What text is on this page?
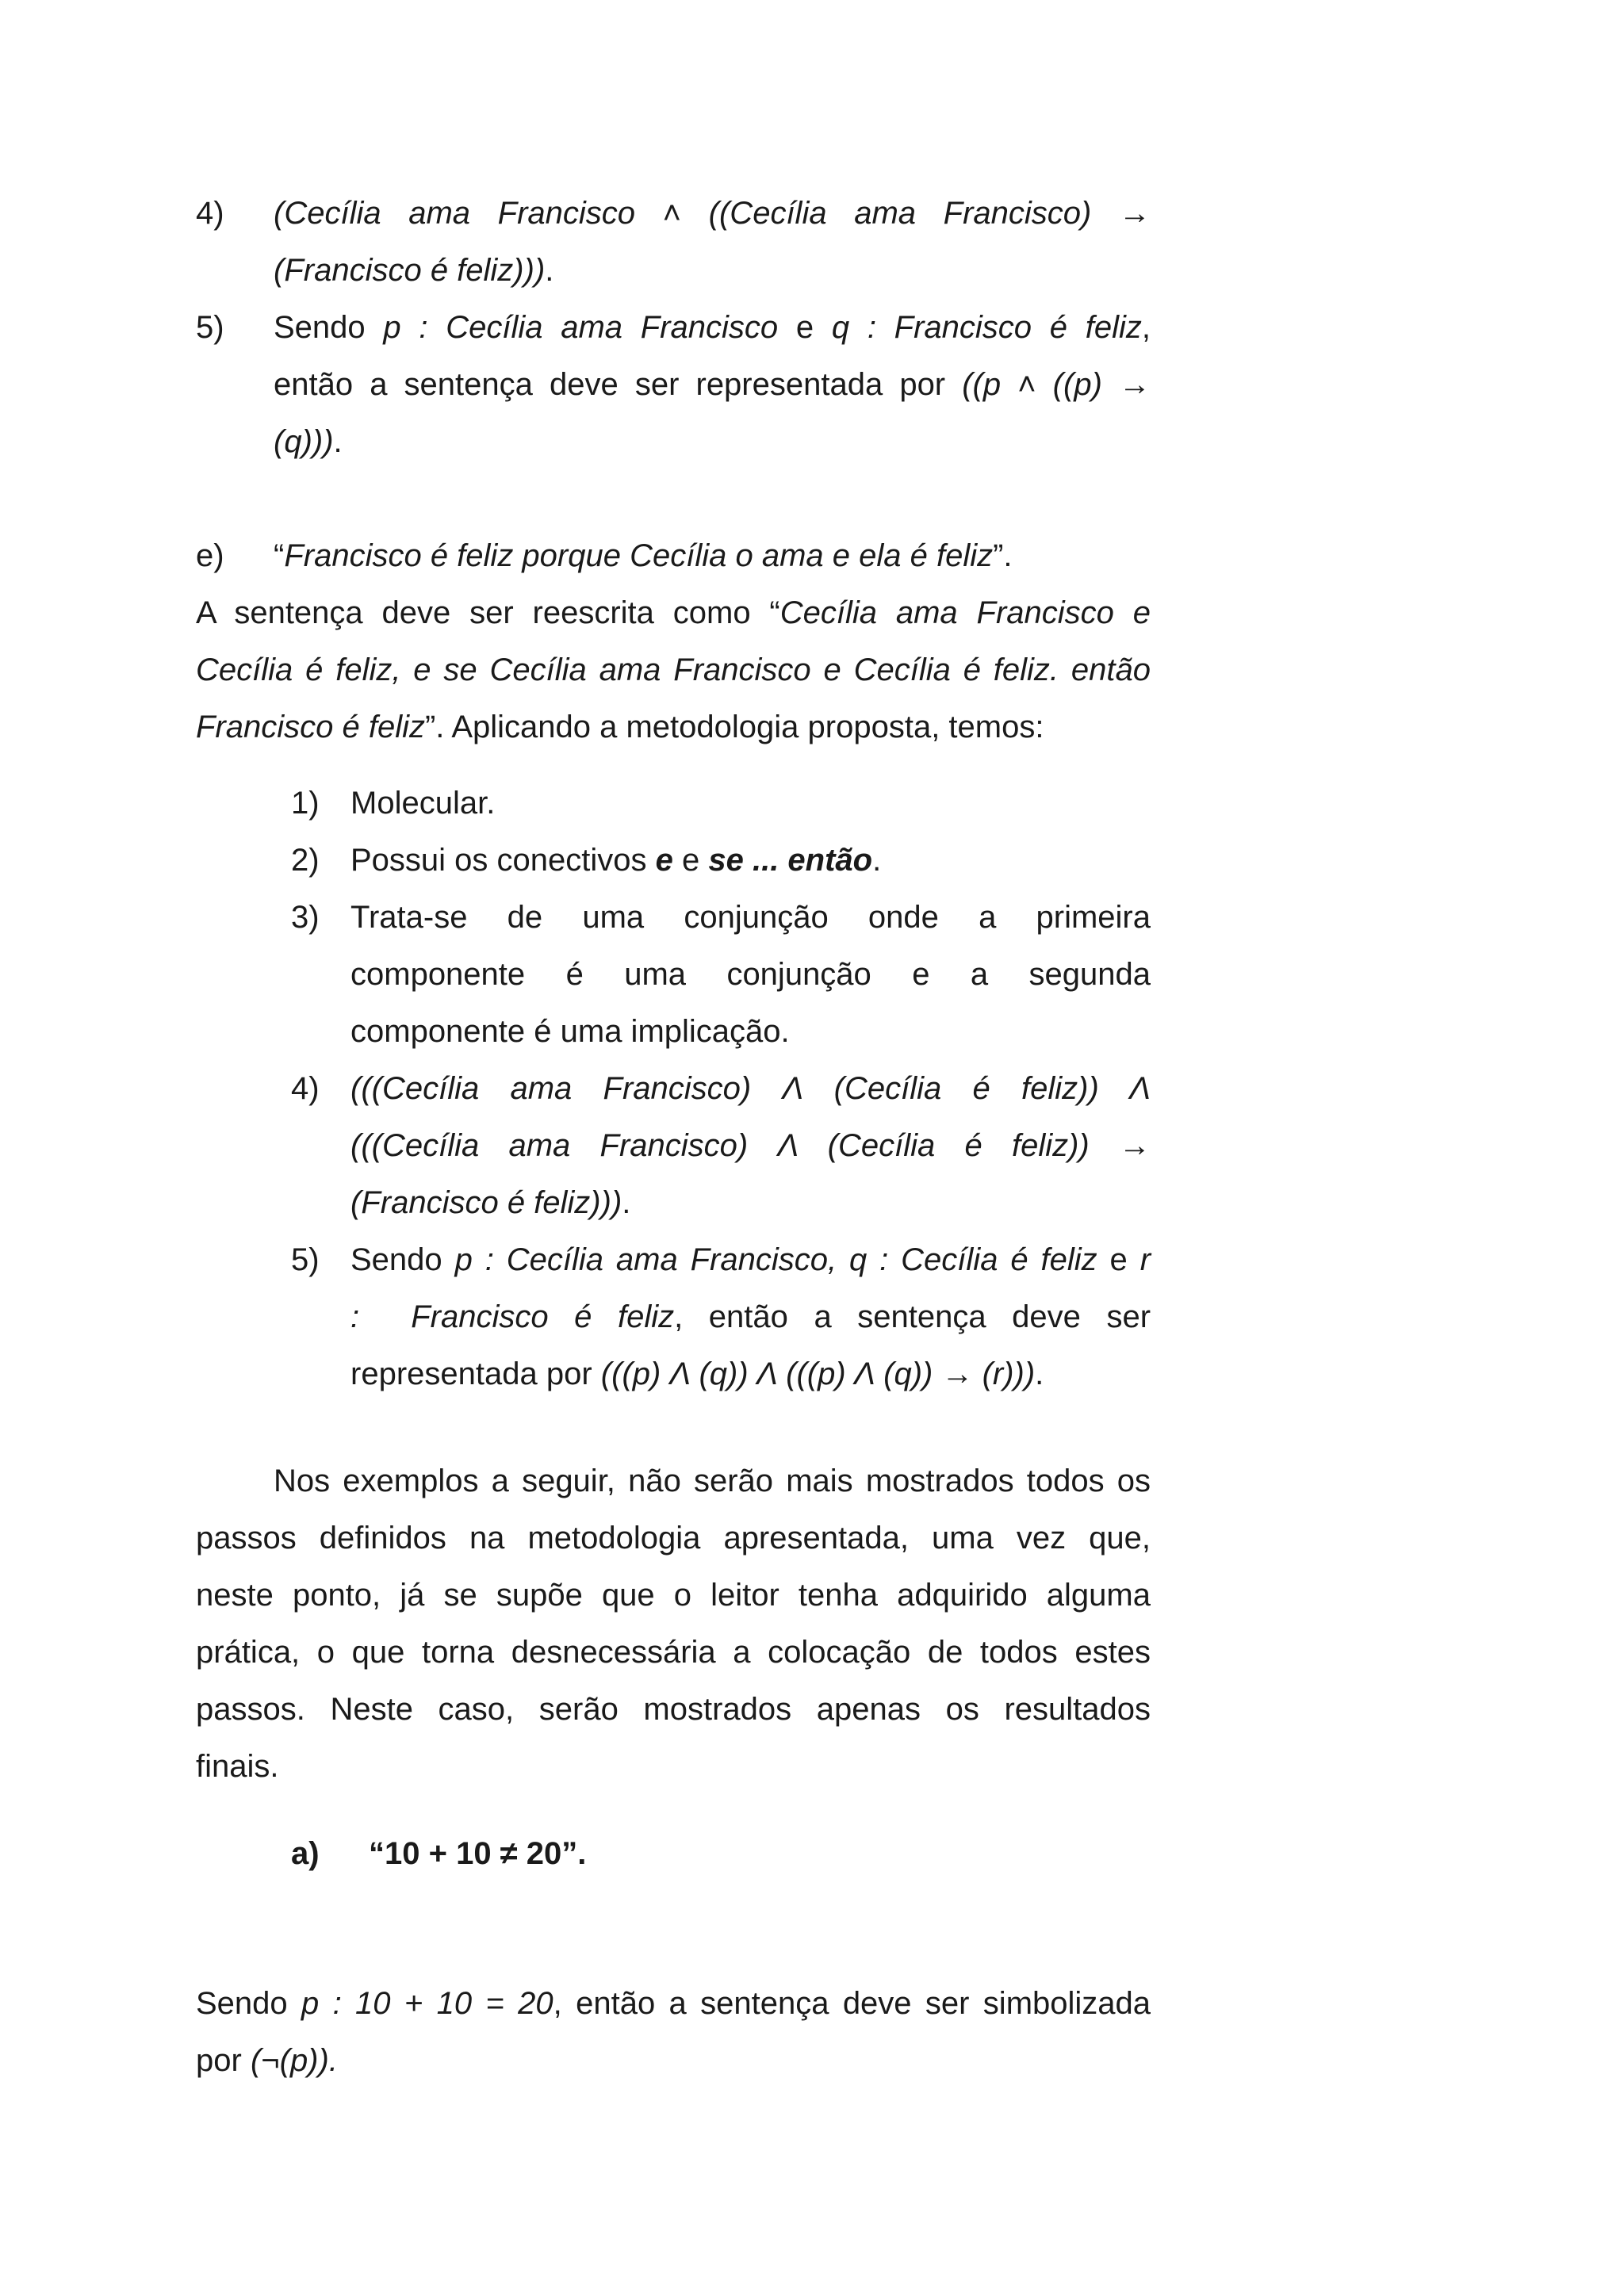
4) (Cecília ama Francisco ˄ ((Cecília ama Francisco) →
(Francisco é feliz))).
5) Sendo p : Cecília ama Francisco e q : Francisco é feliz,
então a sentença deve ser representada por ((p ˄ ((p) →
(q))).
e) “Francisco é feliz porque Cecília o ama e ela é feliz”.
A sentença deve ser reescrita como “Cecília ama Francisco e
Cecília é feliz, e se Cecília ama Francisco e Cecília é feliz. então
Francisco é feliz”. Aplicando a metodologia proposta, temos:
1) Molecular.
2) Possui os conectivos e e se ... então.
3) Trata-se de uma conjunção onde a primeira
componente é uma conjunção e a segunda
componente é uma implicação.
4) (((Cecília ama Francisco) Λ (Cecília é feliz)) Λ
(((Cecília ama Francisco) Λ (Cecília é feliz)) →
(Francisco é feliz))).
5) Sendo p : Cecília ama Francisco, q : Cecília é feliz e r
: Francisco é feliz, então a sentença deve ser
representada por (((p) Λ (q)) Λ (((p) Λ (q)) → (r))).
Nos exemplos a seguir, não serão mais mostrados todos os
passos definidos na metodologia apresentada, uma vez que,
neste ponto, já se supõe que o leitor tenha adquirido alguma
prática, o que torna desnecessária a colocação de todos estes
passos. Neste caso, serão mostrados apenas os resultados
finais.
a) “10 + 10 ≠ 20”.
Sendo p : 10 + 10 = 20, então a sentença deve ser simbolizada
por (¬(p)).
